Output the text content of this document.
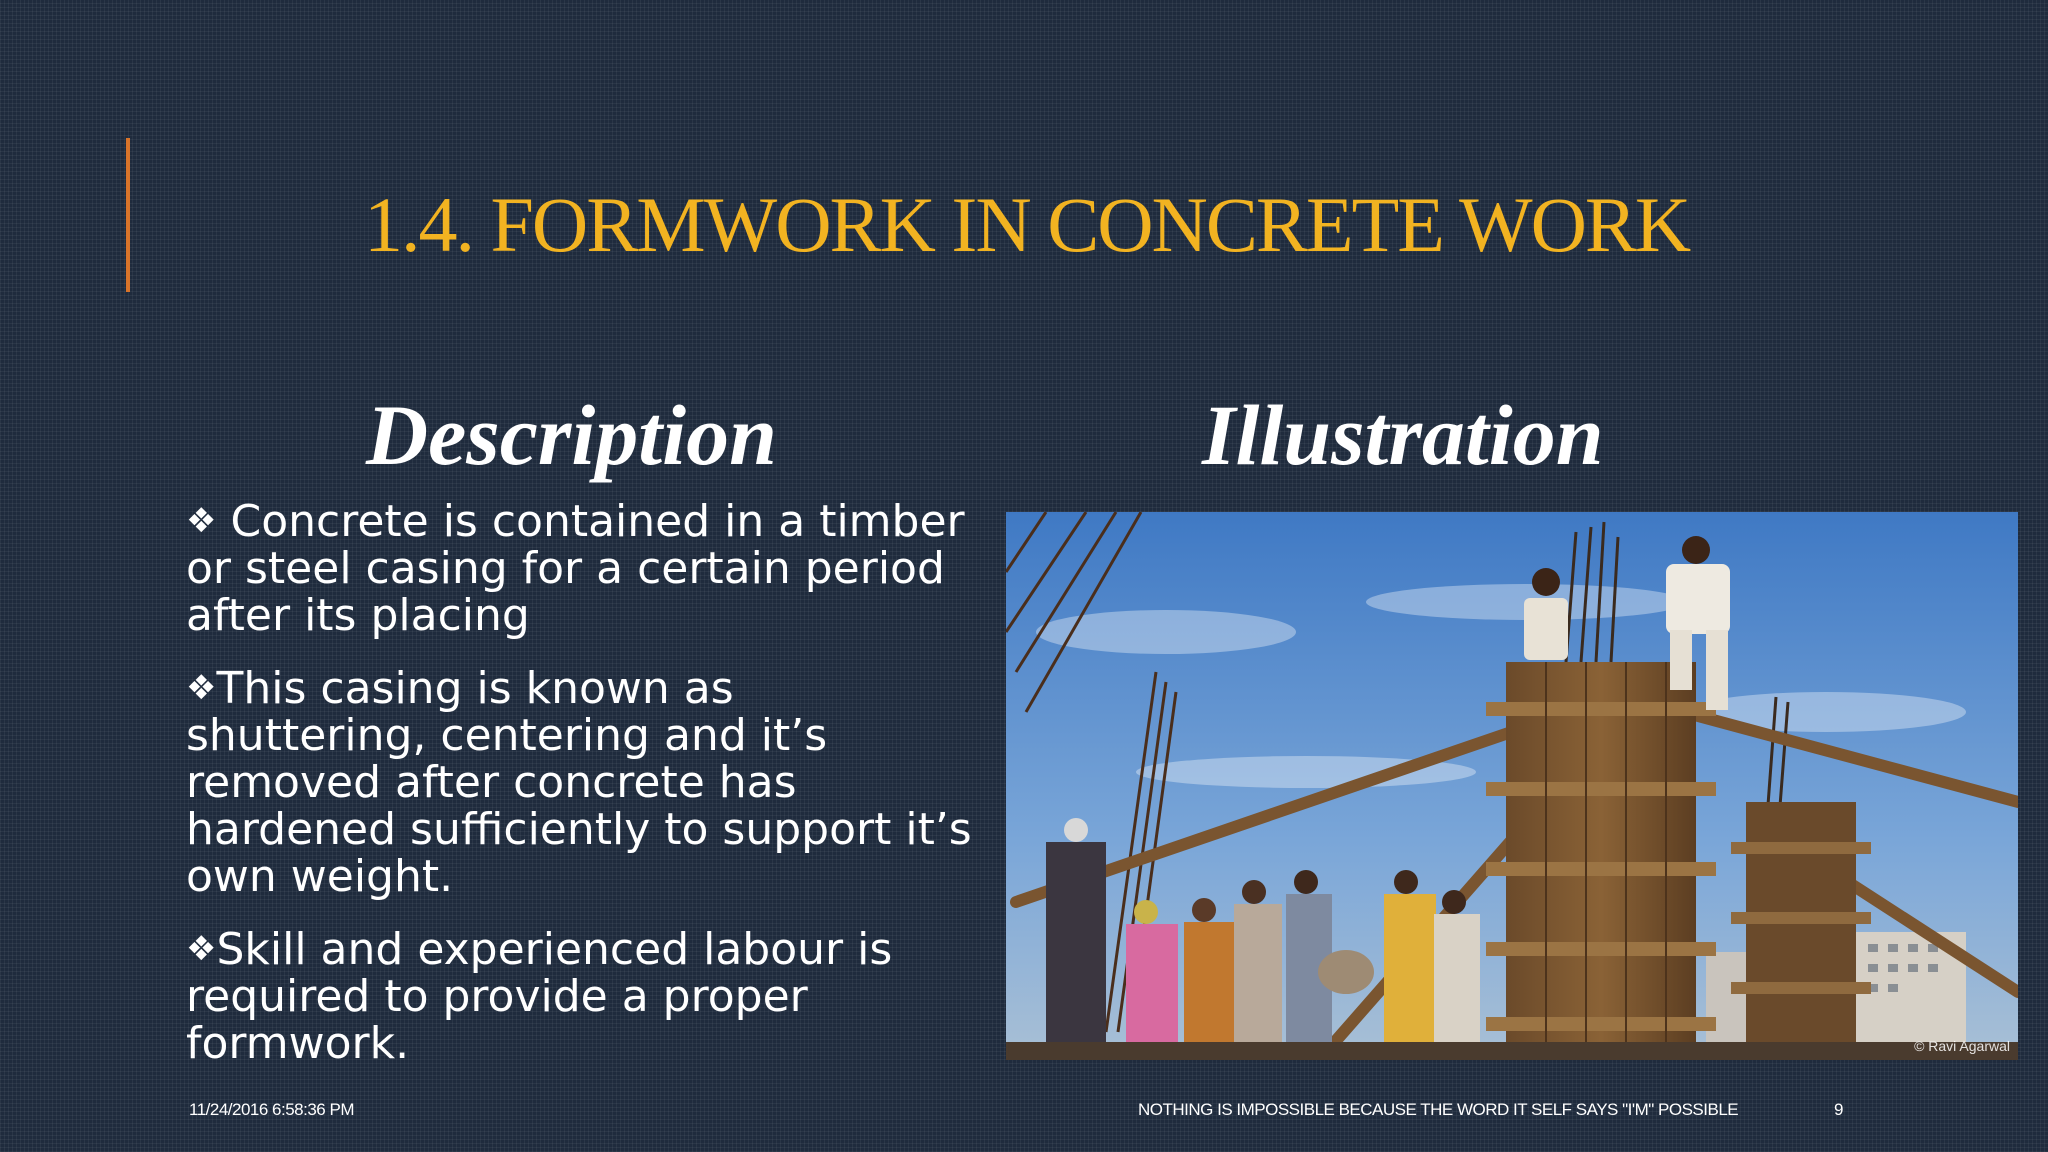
1.4. FORMWORK IN CONCRETE WORK
Description	Illustration

❖ Concrete is contained in a timber or steel casing for a certain period after its placing

❖This casing is known as shuttering, centering and it’s removed after concrete has hardened sufficiently to support it’s own weight.

❖Skill and experienced labour is required to provide a proper formwork.	© Ravi Agarwal
11/24/2016 6:58:36 PM	NOTHING IS IMPOSSIBLE BECAUSE THE WORD IT SELF SAYS "I'M" POSSIBLE	9
